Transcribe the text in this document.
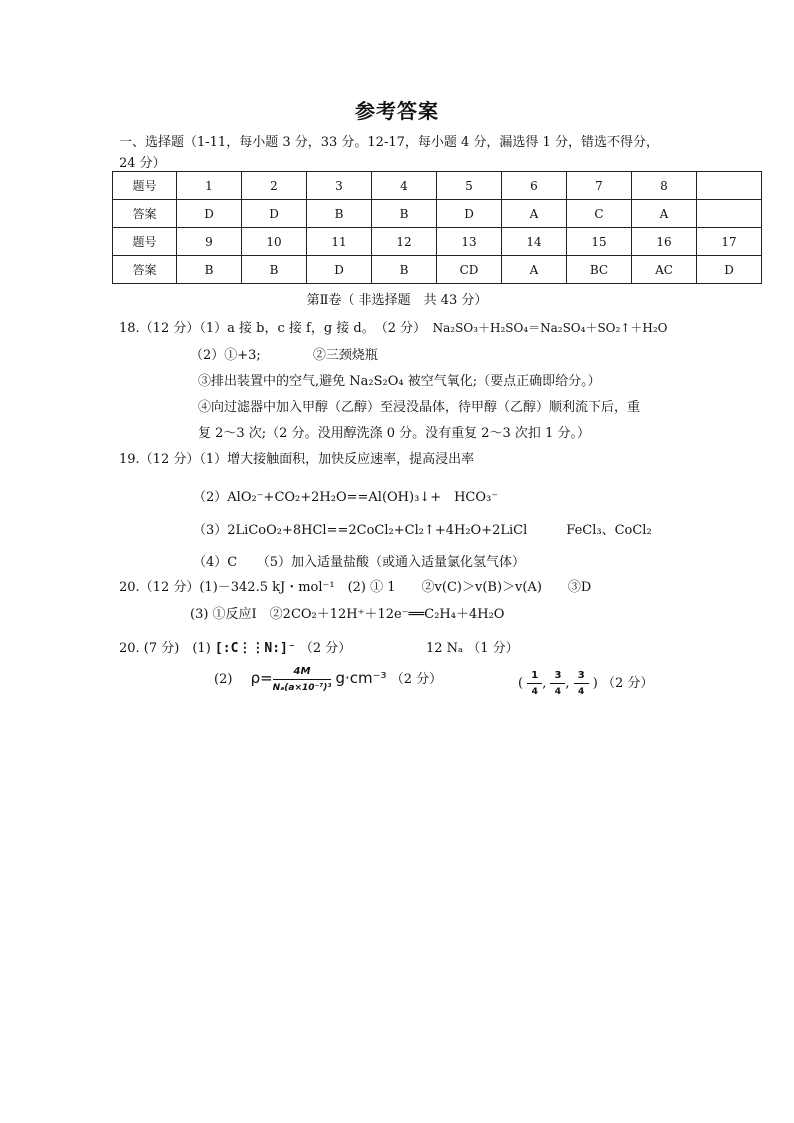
参考答案
一、选择题（1-11，每小题 3 分，33 分。12-17，每小题 4 分，漏选得 1 分，错选不得分，
24 分）
题号	1	2	3	4	5	6	7	8	
答案	D	D	B	B	D	A	C	A	
题号	9	10	11	12	13	14	15	16	17
答案	B	B	D	B	CD	A	BC	AC	D
第Ⅱ卷（ 非选择题　共 43 分）
18.（12 分）（1）a 接 b，c 接 f，g 接 d。　（2 分）　Na₂SO₃＋H₂SO₄＝Na₂SO₄＋SO₂↑＋H₂O
（2）①+3;　　　　②三颈烧瓶
③排出装置中的空气,避免 Na₂S₂O₄ 被空气氧化;（要点正确即给分。）
④向过滤器中加入甲醇（乙醇）至浸没晶体，待甲醇（乙醇）顺利流下后，重
复 2～3 次;（2 分。没用醇洗涤 0 分。没有重复 2～3 次扣 1 分。）
19.（12 分）（1）增大接触面积，加快反应速率，提高浸出率
（2）AlO₂⁻+CO₂+2H₂O==Al(OH)₃↓+　HCO₃⁻
（3）2LiCoO₂+8HCl==2CoCl₂+Cl₂↑+4H₂O+2LiCl　　　FeCl₃、CoCl₂
（4）C　　（5）加入适量盐酸（或通入适量氯化氢气体）
20.（12 分）(1)－342.5 kJ・mol⁻¹　(2) ① 1　　②v(C)＞v(B)＞v(A)　　③D
(3) ①反应Ⅰ　②2CO₂＋12H⁺＋12e⁻══C₂H₄＋4H₂O
20. (7 分)　(1) [:C⋮⋮N:]⁻ （2 分）	12 Nₐ （1 分）
(2) $\rho= \frac{4M}{\text{Nₐ(a×10⁻⁷)³}} g\cdot cm^{-3}$ （2 分）	( $\frac{1}{4}$ , $\frac{3}{4}$ , $\frac{3}{4}$ ) （2 分）
